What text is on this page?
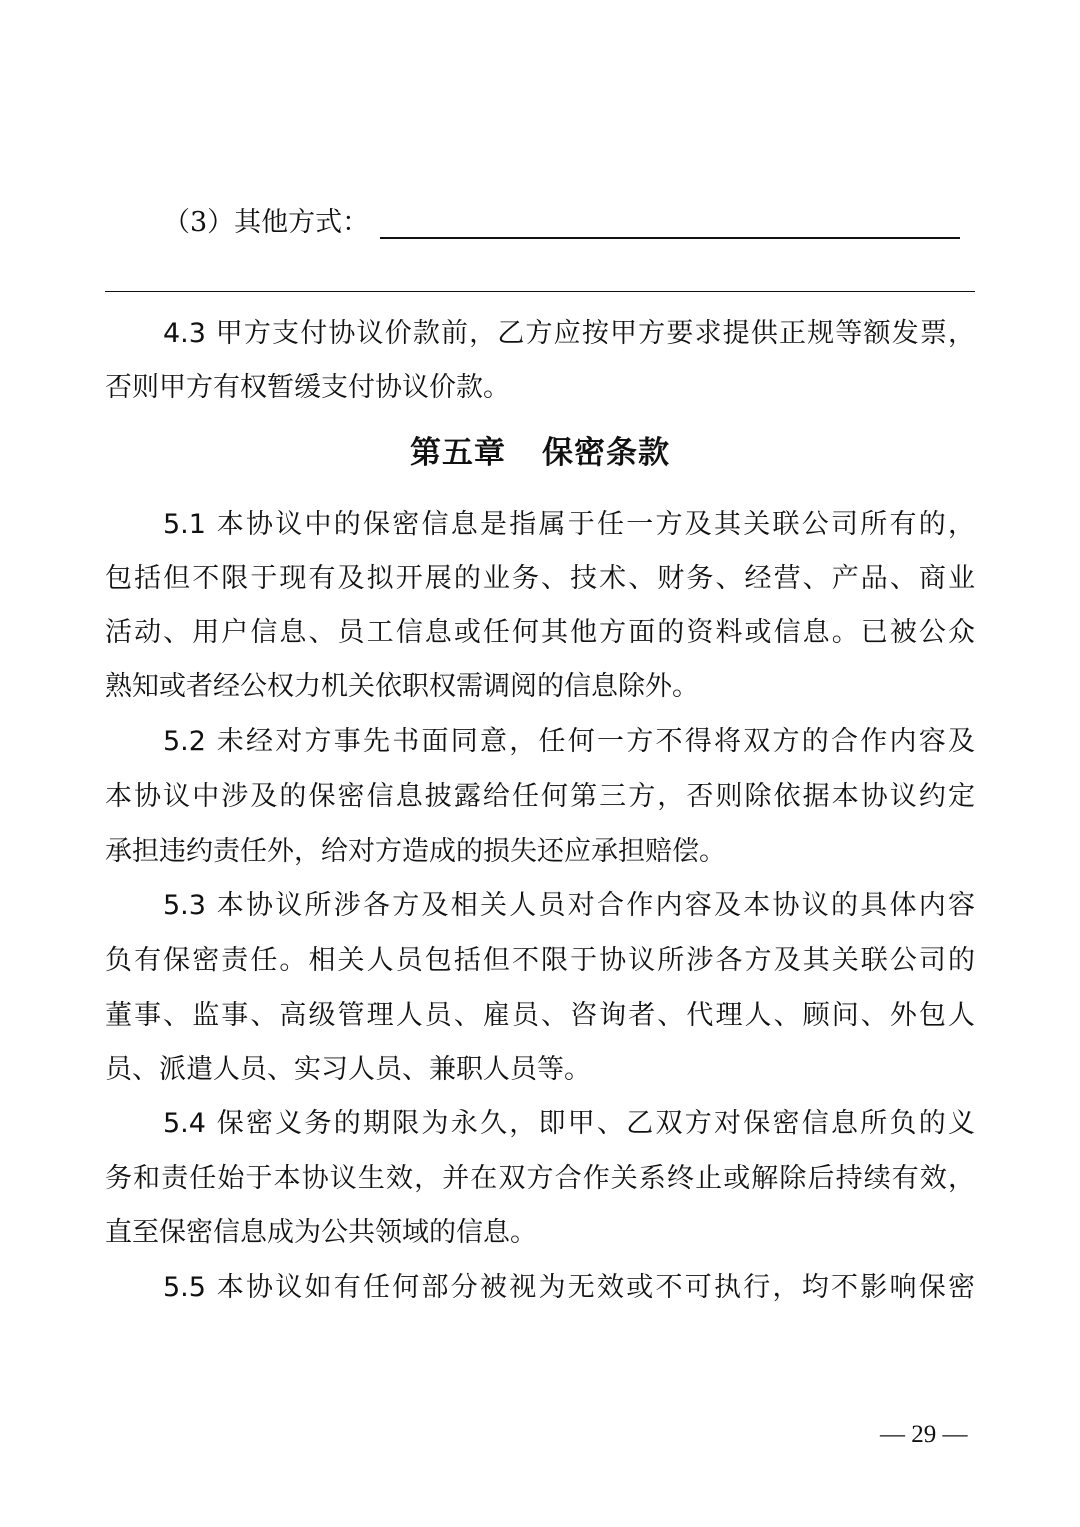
（3）其他方式：
4.3 甲方支付协议价款前，乙方应按甲方要求提供正规等额发票，
否则甲方有权暂缓支付协议价款。
第五章 保密条款
5.1 本协议中的保密信息是指属于任一方及其关联公司所有的，
包括但不限于现有及拟开展的业务、技术、财务、经营、产品、商业
活动、用户信息、员工信息或任何其他方面的资料或信息。已被公众
熟知或者经公权力机关依职权需调阅的信息除外。
5.2 未经对方事先书面同意，任何一方不得将双方的合作内容及
本协议中涉及的保密信息披露给任何第三方，否则除依据本协议约定
承担违约责任外，给对方造成的损失还应承担赔偿。
5.3 本协议所涉各方及相关人员对合作内容及本协议的具体内容
负有保密责任。相关人员包括但不限于协议所涉各方及其关联公司的
董事、监事、高级管理人员、雇员、咨询者、代理人、顾问、外包人
员、派遣人员、实习人员、兼职人员等。
5.4 保密义务的期限为永久，即甲、乙双方对保密信息所负的义
务和责任始于本协议生效，并在双方合作关系终止或解除后持续有效，
直至保密信息成为公共领域的信息。
5.5 本协议如有任何部分被视为无效或不可执行，均不影响保密
— 29 —
